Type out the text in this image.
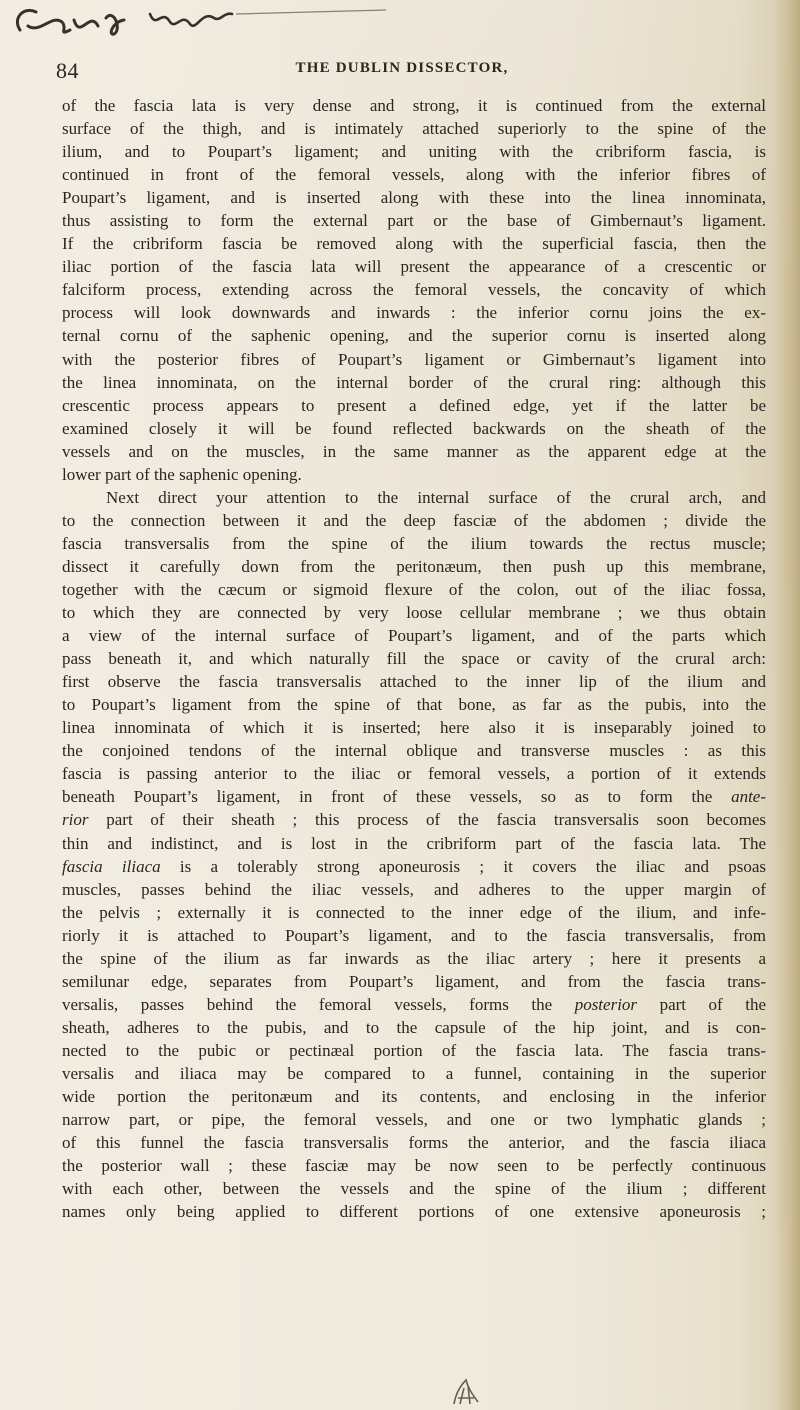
84	THE DUBLIN DISSECTOR,
of the fascia lata is very dense and strong, it is continued from the external
surface of the thigh, and is intimately attached superiorly to the spine of the
ilium, and to Poupart’s ligament; and uniting with the cribriform fascia, is
continued in front of the femoral vessels, along with the inferior fibres of
Poupart’s ligament, and is inserted along with these into the linea innominata,
thus assisting to form the external part or the base of Gimbernaut’s ligament.
If the cribriform fascia be removed along with the superficial fascia, then the
iliac portion of the fascia lata will present the appearance of a crescentic or
falciform process, extending across the femoral vessels, the concavity of which
process will look downwards and inwards : the inferior cornu joins the ex-
ternal cornu of the saphenic opening, and the superior cornu is inserted along
with the posterior fibres of Poupart’s ligament or Gimbernaut’s ligament into
the linea innominata, on the internal border of the crural ring: although this
crescentic process appears to present a defined edge, yet if the latter be
examined closely it will be found reflected backwards on the sheath of the
vessels and on the muscles, in the same manner as the apparent edge at the
lower part of the saphenic opening.
Next direct your attention to the internal surface of the crural arch, and
to the connection between it and the deep fasciæ of the abdomen ; divide the
fascia transversalis from the spine of the ilium towards the rectus muscle;
dissect it carefully down from the peritonæum, then push up this membrane,
together with the cæcum or sigmoid flexure of the colon, out of the iliac fossa,
to which they are connected by very loose cellular membrane ; we thus obtain
a view of the internal surface of Poupart’s ligament, and of the parts which
pass beneath it, and which naturally fill the space or cavity of the crural arch:
first observe the fascia transversalis attached to the inner lip of the ilium and
to Poupart’s ligament from the spine of that bone, as far as the pubis, into the
linea innominata of which it is inserted; here also it is inseparably joined to
the conjoined tendons of the internal oblique and transverse muscles : as this
fascia is passing anterior to the iliac or femoral vessels, a portion of it extends
beneath Poupart’s ligament, in front of these vessels, so as to form the ante-
rior part of their sheath ; this process of the fascia transversalis soon becomes
thin and indistinct, and is lost in the cribriform part of the fascia lata. The
fascia iliaca is a tolerably strong aponeurosis ; it covers the iliac and psoas
muscles, passes behind the iliac vessels, and adheres to the upper margin of
the pelvis ; externally it is connected to the inner edge of the ilium, and infe-
riorly it is attached to Poupart’s ligament, and to the fascia transversalis, from
the spine of the ilium as far inwards as the iliac artery ; here it presents a
semilunar edge, separates from Poupart’s ligament, and from the fascia trans-
versalis, passes behind the femoral vessels, forms the posterior part of the
sheath, adheres to the pubis, and to the capsule of the hip joint, and is con-
nected to the pubic or pectinæal portion of the fascia lata. The fascia trans-
versalis and iliaca may be compared to a funnel, containing in the superior
wide portion the peritonæum and its contents, and enclosing in the inferior
narrow part, or pipe, the femoral vessels, and one or two lymphatic glands ;
of this funnel the fascia transversalis forms the anterior, and the fascia iliaca
the posterior wall ; these fasciæ may be now seen to be perfectly continuous
with each other, between the vessels and the spine of the ilium ; different
names only being applied to different portions of one extensive aponeurosis ;
